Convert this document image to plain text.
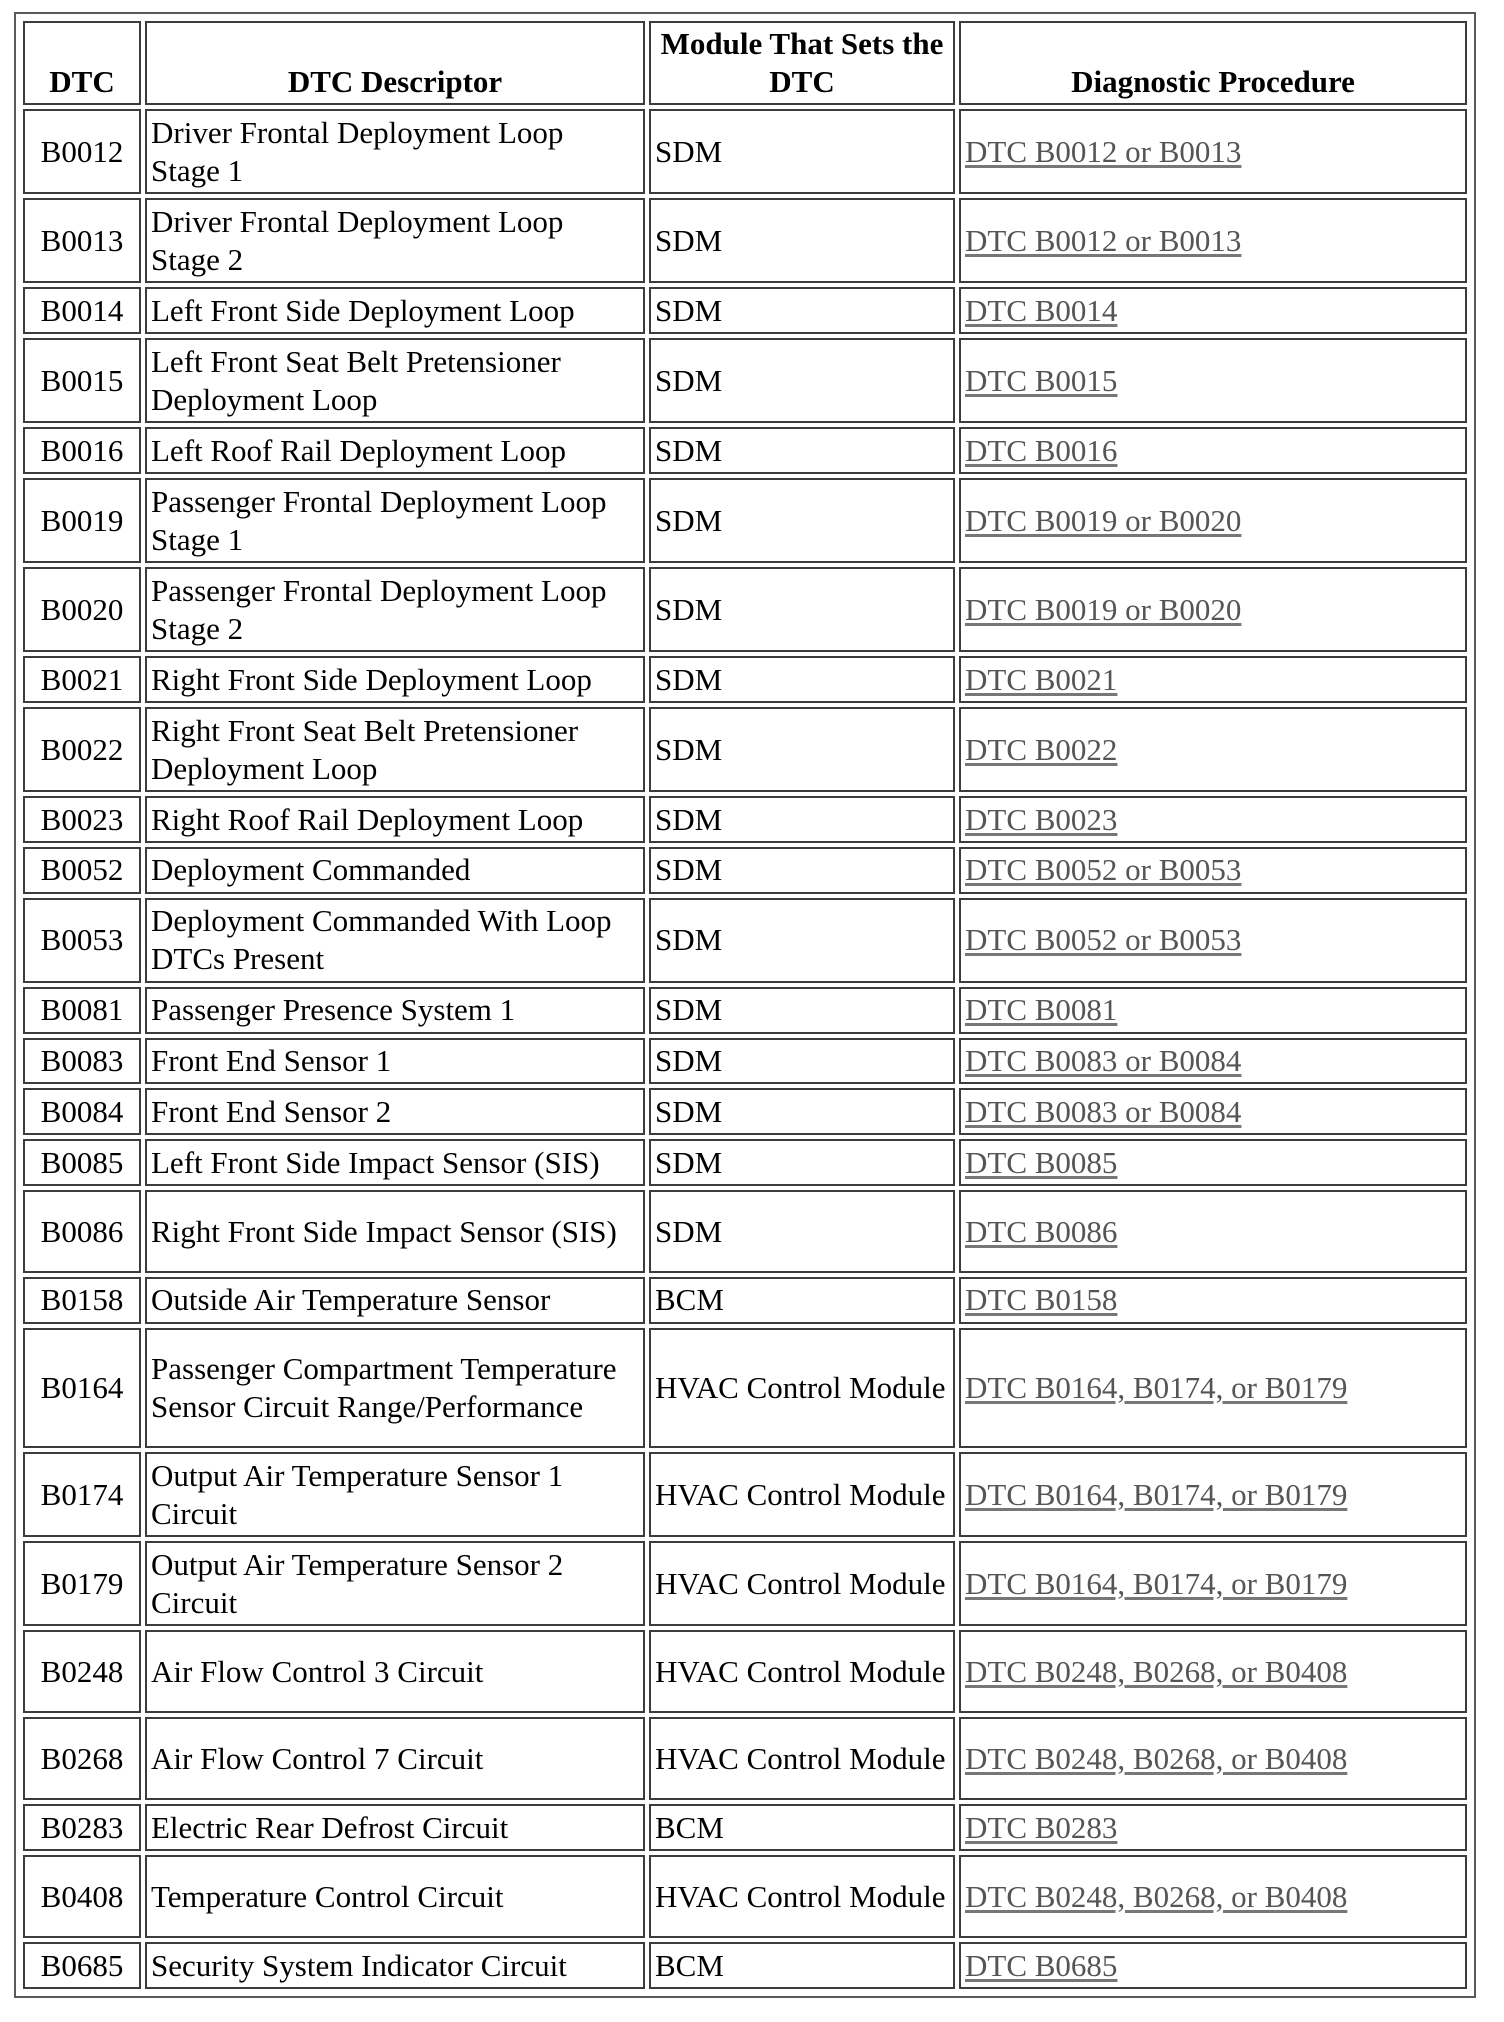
DTC	DTC Descriptor	Module That Sets the DTC	Diagnostic Procedure
B0012	Driver Frontal Deployment Loop Stage 1	SDM	DTC B0012 or B0013
B0013	Driver Frontal Deployment Loop Stage 2	SDM	DTC B0012 or B0013
B0014	Left Front Side Deployment Loop	SDM	DTC B0014
B0015	Left Front Seat Belt Pretensioner Deployment Loop	SDM	DTC B0015
B0016	Left Roof Rail Deployment Loop	SDM	DTC B0016
B0019	Passenger Frontal Deployment Loop Stage 1	SDM	DTC B0019 or B0020
B0020	Passenger Frontal Deployment Loop Stage 2	SDM	DTC B0019 or B0020
B0021	Right Front Side Deployment Loop	SDM	DTC B0021
B0022	Right Front Seat Belt Pretensioner Deployment Loop	SDM	DTC B0022
B0023	Right Roof Rail Deployment Loop	SDM	DTC B0023
B0052	Deployment Commanded	SDM	DTC B0052 or B0053
B0053	Deployment Commanded With Loop DTCs Present	SDM	DTC B0052 or B0053
B0081	Passenger Presence System 1	SDM	DTC B0081
B0083	Front End Sensor 1	SDM	DTC B0083 or B0084
B0084	Front End Sensor 2	SDM	DTC B0083 or B0084
B0085	Left Front Side Impact Sensor (SIS)	SDM	DTC B0085
B0086	Right Front Side Impact Sensor (SIS)	SDM	DTC B0086
B0158	Outside Air Temperature Sensor	BCM	DTC B0158
B0164	Passenger Compartment Temperature Sensor Circuit Range/Performance	HVAC Control Module	DTC B0164, B0174, or B0179
B0174	Output Air Temperature Sensor 1 Circuit	HVAC Control Module	DTC B0164, B0174, or B0179
B0179	Output Air Temperature Sensor 2 Circuit	HVAC Control Module	DTC B0164, B0174, or B0179
B0248	Air Flow Control 3 Circuit	HVAC Control Module	DTC B0248, B0268, or B0408
B0268	Air Flow Control 7 Circuit	HVAC Control Module	DTC B0248, B0268, or B0408
B0283	Electric Rear Defrost Circuit	BCM	DTC B0283
B0408	Temperature Control Circuit	HVAC Control Module	DTC B0248, B0268, or B0408
B0685	Security System Indicator Circuit	BCM	DTC B0685
